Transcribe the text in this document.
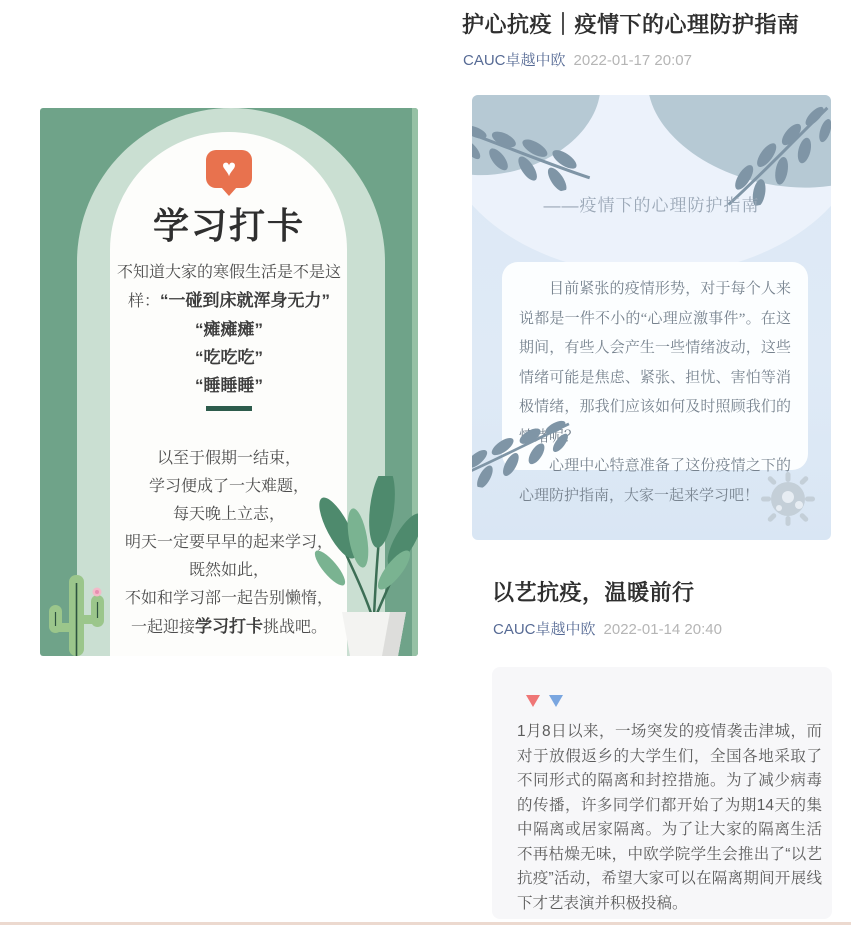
♥
学习打卡
不知道大家的寒假生活是不是这
样：“一碰到床就浑身无力”
“瘫瘫瘫”
“吃吃吃”
“睡睡睡”
以至于假期一结束，
学习便成了一大难题，
每天晚上立志，
明天一定要早早的起来学习，
既然如此，
不如和学习部一起告别懒惰，
一起迎接学习打卡挑战吧。
护心抗疫｜疫情下的心理防护指南
CAUC卓越中欧 2022-01-17 20:07
——疫情下的心理防护指南

目前紧张的疫情形势，对于每个人来说都是一件不小的“心理应激事件”。在这期间，有些人会产生一些情绪波动，这些情绪可能是焦虑、紧张、担忧、害怕等消极情绪，那我们应该如何及时照顾我们的情绪呢？

心理中心特意准备了这份疫情之下的心理防护指南，大家一起来学习吧！

以艺抗疫，温暖前行
CAUC卓越中欧 2022-01-14 20:40

1月8日以来，一场突发的疫情袭击津城，而对于放假返乡的大学生们，全国各地采取了不同形式的隔离和封控措施。为了减少病毒的传播，许多同学们都开始了为期14天的集中隔离或居家隔离。为了让大家的隔离生活不再枯燥无味，中欧学院学生会推出了“以艺抗疫”活动，希望大家可以在隔离期间开展线下才艺表演并积极投稿。
